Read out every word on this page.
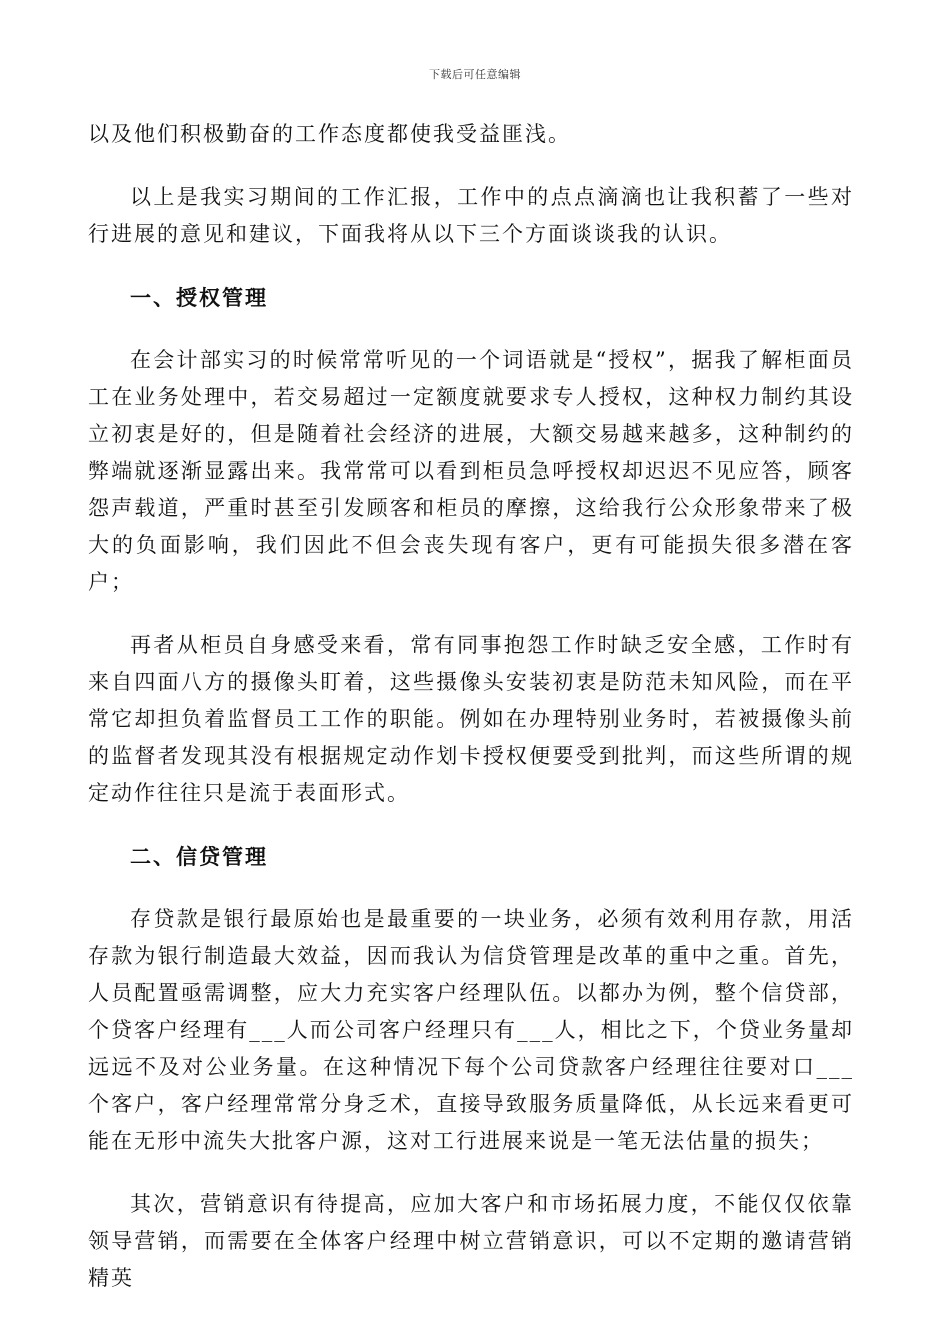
下载后可任意编辑

以及他们积极勤奋的工作态度都使我受益匪浅。

以上是我实习期间的工作汇报，工作中的点点滴滴也让我积蓄了一些对行进展的意见和建议，下面我将从以下三个方面谈谈我的认识。

一、授权管理

在会计部实习的时候常常听见的一个词语就是“授权”，据我了解柜面员工在业务处理中，若交易超过一定额度就要求专人授权，这种权力制约其设立初衷是好的，但是随着社会经济的进展，大额交易越来越多，这种制约的弊端就逐渐显露出来。我常常可以看到柜员急呼授权却迟迟不见应答，顾客怨声载道，严重时甚至引发顾客和柜员的摩擦，这给我行公众形象带来了极大的负面影响，我们因此不但会丧失现有客户，更有可能损失很多潜在客户；

再者从柜员自身感受来看，常有同事抱怨工作时缺乏安全感，工作时有来自四面八方的摄像头盯着，这些摄像头安装初衷是防范未知风险，而在平常它却担负着监督员工工作的职能。例如在办理特别业务时，若被摄像头前的监督者发现其没有根据规定动作划卡授权便要受到批判，而这些所谓的规定动作往往只是流于表面形式。

二、信贷管理

存贷款是银行最原始也是最重要的一块业务，必须有效利用存款，用活存款为银行制造最大效益，因而我认为信贷管理是改革的重中之重。首先，人员配置亟需调整，应大力充实客户经理队伍。以都办为例，整个信贷部，个贷客户经理有___人而公司客户经理只有___人，相比之下，个贷业务量却远远不及对公业务量。在这种情况下每个公司贷款客户经理往往要对口___个客户，客户经理常常分身乏术，直接导致服务质量降低，从长远来看更可能在无形中流失大批客户源，这对工行进展来说是一笔无法估量的损失；

其次，营销意识有待提高，应加大客户和市场拓展力度，不能仅仅依靠领导营销，而需要在全体客户经理中树立营销意识，可以不定期的邀请营销精英
